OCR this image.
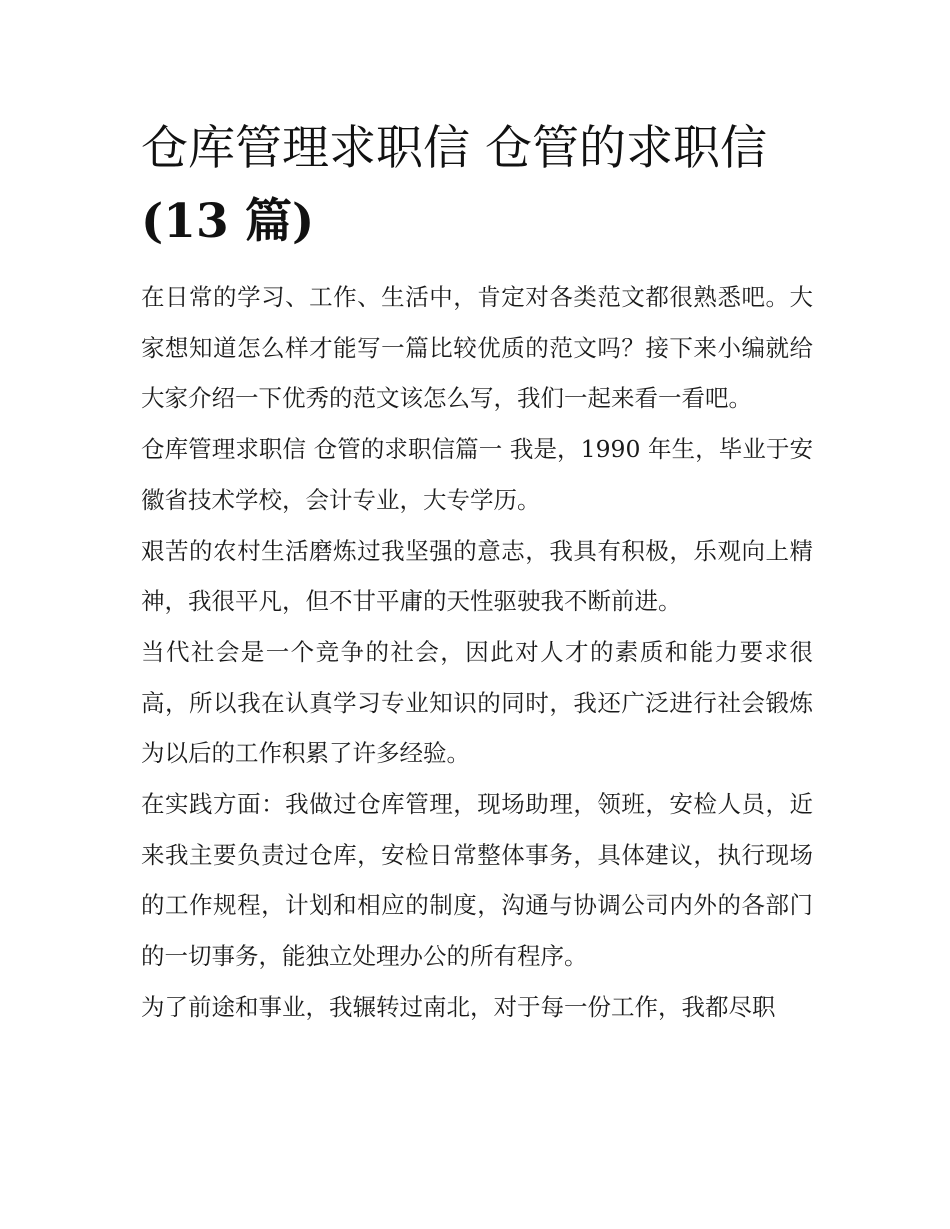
仓库管理求职信 仓管的求职信
(13 篇)

在日常的学习、工作、生活中，肯定对各类范文都很熟悉吧。大家想知道怎么样才能写一篇比较优质的范文吗？接下来小编就给大家介绍一下优秀的范文该怎么写，我们一起来看一看吧。

仓库管理求职信 仓管的求职信篇一 我是，1990 年生，毕业于安徽省技术学校，会计专业，大专学历。

艰苦的农村生活磨炼过我坚强的意志，我具有积极，乐观向上精神，我很平凡，但不甘平庸的天性驱驶我不断前进。

当代社会是一个竞争的社会，因此对人才的素质和能力要求很高，所以我在认真学习专业知识的同时，我还广泛进行社会锻炼为以后的工作积累了许多经验。

在实践方面：我做过仓库管理，现场助理，领班，安检人员，近来我主要负责过仓库，安检日常整体事务，具体建议，执行现场的工作规程，计划和相应的制度，沟通与协调公司内外的各部门的一切事务，能独立处理办公的所有程序。

为了前途和事业，我辗转过南北，对于每一份工作，我都尽职
